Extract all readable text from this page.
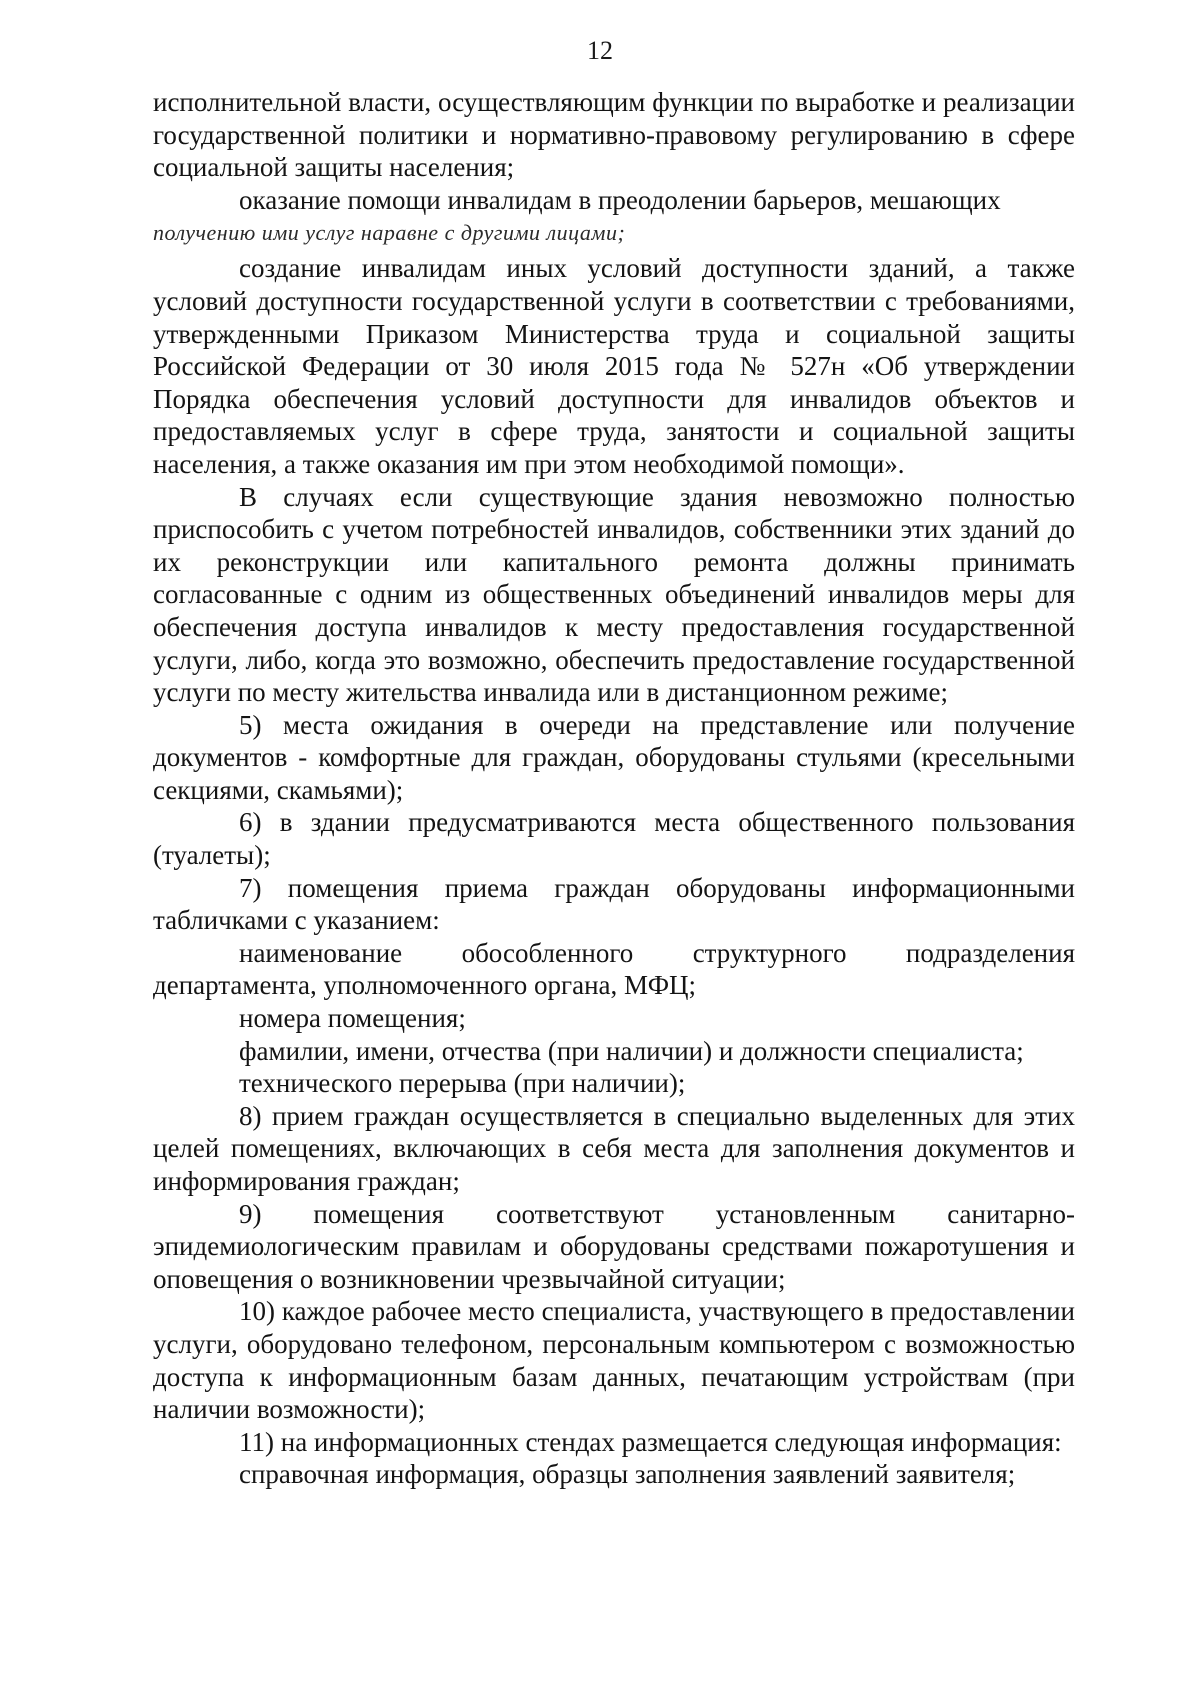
12

исполнительной власти, осуществляющим функции по выработке и реализации государственной политики и нормативно-правовому регулированию в сфере социальной защиты населения;

оказание помощи инвалидам в преодолении барьеров, мешающих

получению ими услуг наравне с другими лицами;

создание инвалидам иных условий доступности зданий, а также условий доступности государственной услуги в соответствии с требованиями, утвержденными Приказом Министерства труда и социальной защиты Российской Федерации от 30 июля 2015 года № 527н «Об утверждении Порядка обеспечения условий доступности для инвалидов объектов и предоставляемых услуг в сфере труда, занятости и социальной защиты населения, а также оказания им при этом необходимой помощи».

В случаях если существующие здания невозможно полностью приспособить с учетом потребностей инвалидов, собственники этих зданий до их реконструкции или капитального ремонта должны принимать согласованные с одним из общественных объединений инвалидов меры для обеспечения доступа инвалидов к месту предоставления государственной услуги, либо, когда это возможно, обеспечить предоставление государственной услуги по месту жительства инвалида или в дистанционном режиме;

5) места ожидания в очереди на представление или получение документов - комфортные для граждан, оборудованы стульями (кресельными секциями, скамьями);

6) в здании предусматриваются места общественного пользования (туалеты);

7) помещения приема граждан оборудованы информационными табличками с указанием:

наименование обособленного структурного подразделения департамента, уполномоченного органа, МФЦ;

номера помещения;

фамилии, имени, отчества (при наличии) и должности специалиста;

технического перерыва (при наличии);

8) прием граждан осуществляется в специально выделенных для этих целей помещениях, включающих в себя места для заполнения документов и информирования граждан;

9) помещения соответствуют установленным санитарно-эпидемиологическим правилам и оборудованы средствами пожаротушения и оповещения о возникновении чрезвычайной ситуации;

10) каждое рабочее место специалиста, участвующего в предоставлении услуги, оборудовано телефоном, персональным компьютером с возможностью доступа к информационным базам данных, печатающим устройствам (при наличии возможности);

11) на информационных стендах размещается следующая информация:

справочная информация, образцы заполнения заявлений заявителя;
